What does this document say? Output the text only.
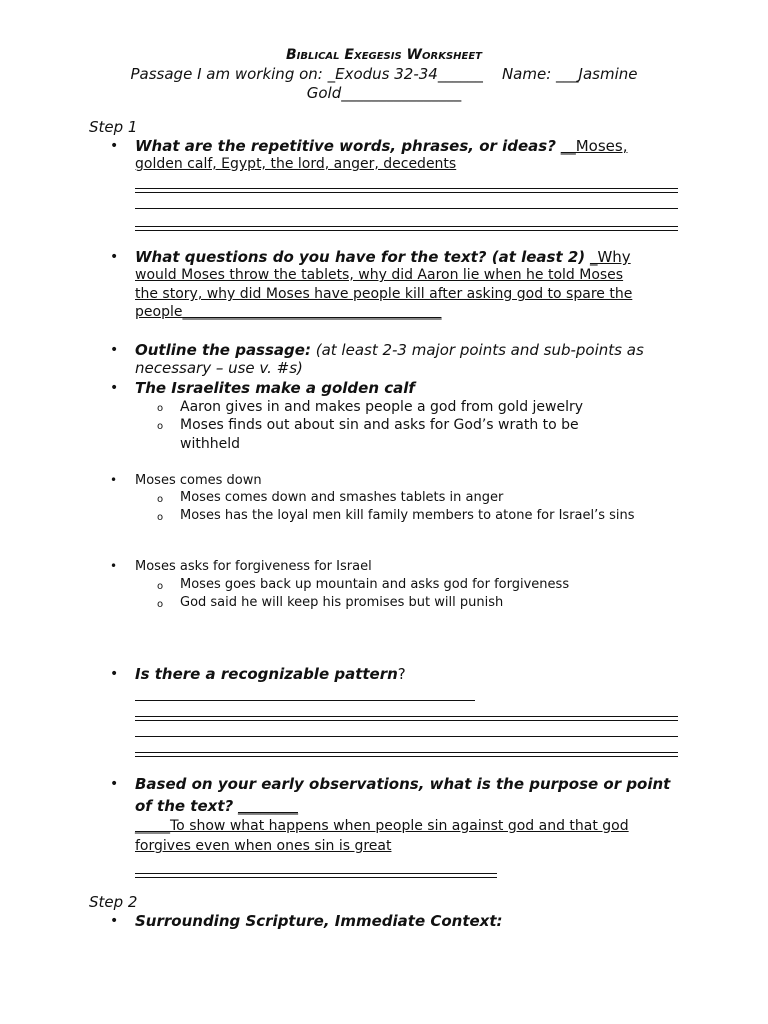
Biblical Exegesis Worksheet
Passage I am working on: _Exodus 32-34______ Name: ___Jasmine
Gold________________
Step 1
• What are the repetitive words, phrases, or ideas? __Moses,
golden calf, Egypt, the lord, anger, decedents
• What questions do you have for the text? (at least 2) _Why
would Moses throw the tablets, why did Aaron lie when he told Moses
the story, why did Moses have people kill after asking god to spare the
people_____________________________________
• Outline the passage: (at least 2-3 major points and sub-points as
necessary – use v. #s)
• The Israelites make a golden calf
o Aaron gives in and makes people a god from gold jewelry
o Moses finds out about sin and asks for God’s wrath to be
withheld
• Moses comes down
o Moses comes down and smashes tablets in anger
o Moses has the loyal men kill family members to atone for Israel’s sins
• Moses asks for forgiveness for Israel
o Moses goes back up mountain and asks god for forgiveness
o God said he will keep his promises but will punish
• Is there a recognizable pattern?
• Based on your early observations, what is the purpose or point
of the text? ________
_____To show what happens when people sin against god and that god
forgives even when ones sin is great
Step 2
• Surrounding Scripture, Immediate Context:
